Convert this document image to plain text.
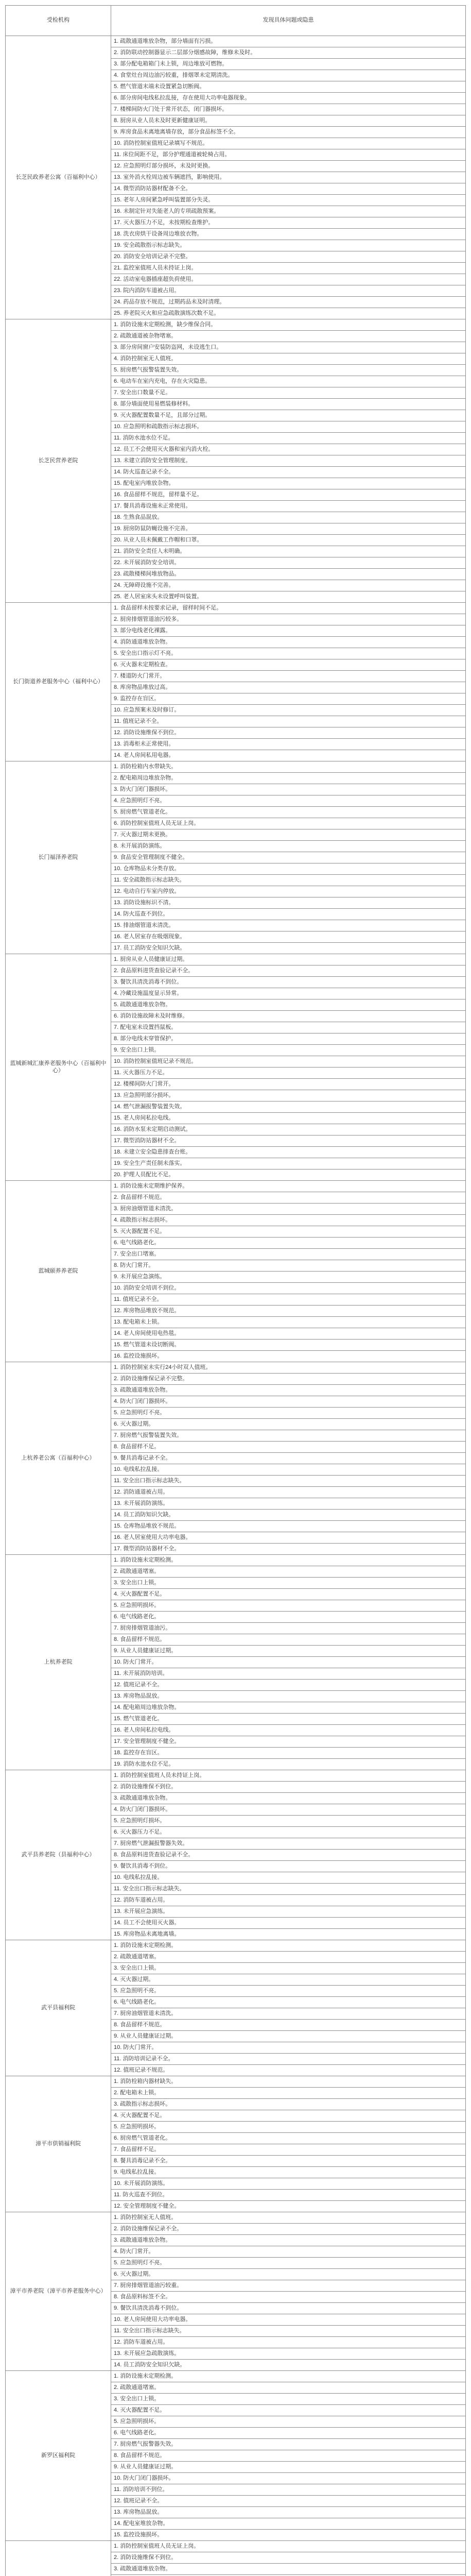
受检机构	发现具体问题或隐患
长芝民政养老公寓（百福利中心）	1. 疏散通道堆放杂物，部分墙面有污损。
	2. 消防联动控制器显示二层部分烟感故障，维修未及时。
	3. 部分配电箱箱门未上锁，周边堆放可燃物。
	4. 食堂灶台周边油污较重，排烟罩未定期清洗。
	5. 燃气管道末端未设置紧急切断阀。
	6. 部分房间电线私拉乱接，存在使用大功率电器现象。
	7. 楼梯间防火门处于常开状态，闭门器损坏。
	8. 厨房从业人员未及时更新健康证明。
	9. 库房食品未离地离墙存放，部分食品标签不全。
	10. 消防控制室值班记录填写不规范。
	11. 床位间距不足，部分护理通道被轮椅占用。
	12. 应急照明灯部分损坏，未及时更换。
	13. 室外消火栓周边被车辆遮挡，影响使用。
	14. 微型消防站器材配备不全。
	15. 老年人房间紧急呼叫装置部分失灵。
	16. 未制定针对失能老人的专项疏散预案。
	17. 灭火器压力不足，未按期检查维护。
	18. 洗衣房烘干设备周边堆放衣物。
	19. 安全疏散指示标志缺失。
	20. 消防安全培训记录不完整。
	21. 监控室值班人员未持证上岗。
	22. 活动室电器插座超负荷使用。
	23. 院内消防车道被占用。
	24. 药品存放不规范，过期药品未及时清理。
	25. 养老院灭火和应急疏散演练次数不足。
长芝民营养老院	1. 消防设施未定期检测，缺少维保合同。
	2. 疏散通道被杂物堵塞。
	3. 部分房间窗户安装防盗网，未设逃生口。
	4. 消防控制室无人值班。
	5. 厨房燃气报警装置失效。
	6. 电动车在室内充电，存在火灾隐患。
	7. 安全出口数量不足。
	8. 部分墙面使用易燃装修材料。
	9. 灭火器配置数量不足，且部分过期。
	10. 应急照明和疏散指示标志损坏。
	11. 消防水池水位不足。
	12. 员工不会使用灭火器和室内消火栓。
	13. 未建立消防安全管理制度。
	14. 防火巡查记录不全。
	15. 配电室内堆放杂物。
	16. 食品留样不规范，留样量不足。
	17. 餐具消毒设施未正常使用。
	18. 生熟食品混放。
	19. 厨房防鼠防蝇设施不完善。
	20. 从业人员未佩戴工作帽和口罩。
	21. 消防安全责任人未明确。
	22. 未开展消防安全培训。
	23. 疏散楼梯间堆放物品。
	24. 无障碍设施不完善。
	25. 老人居室床头未设置呼叫装置。
长门街道养老服务中心（福利中心）	1. 食品留样未按要求记录，留样时间不足。
	2. 厨房排烟管道油污较多。
	3. 部分电线老化裸露。
	4. 消防通道堆放杂物。
	5. 安全出口指示灯不亮。
	6. 灭火器未定期检查。
	7. 楼道防火门常开。
	8. 库房物品堆放过高。
	9. 监控存在盲区。
	10. 应急预案未及时修订。
	11. 值班记录不全。
	12. 消防设施维保不到位。
	13. 消毒柜未正常使用。
	14. 老人房间私用电器。
长门福泽养老院	1. 消防栓箱内水带缺失。
	2. 配电箱周边堆放杂物。
	3. 防火门闭门器损坏。
	4. 应急照明灯不亮。
	5. 厨房燃气管道老化。
	6. 消防控制室值班人员无证上岗。
	7. 灭火器过期未更换。
	8. 未开展消防演练。
	9. 食品安全管理制度不健全。
	10. 仓库物品未分类存放。
	11. 安全疏散指示标志缺失。
	12. 电动自行车室内停放。
	13. 消防设施标识不清。
	14. 防火巡查不到位。
	15. 排油烟管道未清洗。
	16. 老人居室存在吸烟现象。
	17. 员工消防安全知识欠缺。
蓝城新城汇康养老服务中心（百福利中心）	1. 厨房从业人员健康证过期。
	2. 食品原料进货查验记录不全。
	3. 餐饮具清洗消毒不到位。
	4. 冷藏设施温度显示异常。
	5. 疏散通道堆放杂物。
	6. 消防设施故障未及时维修。
	7. 配电室未设置挡鼠板。
	8. 部分电线未穿管保护。
	9. 安全出口上锁。
	10. 消防控制室值班记录不规范。
	11. 灭火器压力不足。
	12. 楼梯间防火门常开。
	13. 应急照明部分损坏。
	14. 燃气泄漏报警装置失效。
	15. 老人房间私拉电线。
	16. 消防水泵未定期启动测试。
	17. 微型消防站器材不全。
	18. 未建立安全隐患排查台账。
	19. 安全生产责任制未落实。
	20. 护理人员配比不足。
蓝城颐养养老院	1. 消防设施未定期维护保养。
	2. 食品留样不规范。
	3. 厨房油烟管道未清洗。
	4. 疏散指示标志损坏。
	5. 灭火器配置不足。
	6. 电气线路老化。
	7. 安全出口堵塞。
	8. 防火门常开。
	9. 未开展应急演练。
	10. 消防安全培训不到位。
	11. 值班记录不全。
	12. 库房物品堆放不规范。
	13. 配电箱未上锁。
	14. 老人房间使用电热毯。
	15. 燃气管道未设切断阀。
	16. 监控设施损坏。
上杭养老公寓（百福利中心）	1. 消防控制室未实行24小时双人值班。
	2. 消防设施维保记录不完整。
	3. 疏散通道堆放杂物。
	4. 防火门闭门器损坏。
	5. 应急照明灯不亮。
	6. 灭火器过期。
	7. 厨房燃气报警装置失效。
	8. 食品留样不足。
	9. 餐具消毒记录不全。
	10. 电线私拉乱接。
	11. 安全出口指示标志缺失。
	12. 消防通道被占用。
	13. 未开展消防演练。
	14. 员工消防知识欠缺。
	15. 仓库物品堆放不规范。
	16. 老人居室使用大功率电器。
	17. 微型消防站器材不全。
上杭养老院	1. 消防设施未定期检测。
	2. 疏散通道堵塞。
	3. 安全出口上锁。
	4. 灭火器配置不足。
	5. 应急照明损坏。
	6. 电气线路老化。
	7. 厨房排烟管道油污。
	8. 食品留样不规范。
	9. 从业人员健康证过期。
	10. 防火门常开。
	11. 未开展消防培训。
	12. 值班记录不全。
	13. 库房物品混放。
	14. 配电箱周边堆放杂物。
	15. 燃气管道老化。
	16. 老人房间私拉电线。
	17. 安全管理制度不健全。
	18. 监控存在盲区。
	19. 消防水池水位不足。
武平县养老院（县福利中心）	1. 消防控制室值班人员未持证上岗。
	2. 消防设施维保不到位。
	3. 疏散通道堆放杂物。
	4. 防火门闭门器损坏。
	5. 应急照明灯损坏。
	6. 灭火器压力不足。
	7. 厨房燃气泄漏报警器失效。
	8. 食品原料进货查验记录不全。
	9. 餐饮具消毒不到位。
	10. 电线私拉乱接。
	11. 安全出口指示标志缺失。
	12. 消防车道被占用。
	13. 未开展应急演练。
	14. 员工不会使用灭火器。
	15. 库房物品未离地离墙。
武平县福利院	1. 消防设施未定期检测。
	2. 疏散通道堵塞。
	3. 安全出口上锁。
	4. 灭火器过期。
	5. 应急照明不亮。
	6. 电气线路老化。
	7. 厨房油烟管道未清洗。
	8. 食品留样不规范。
	9. 从业人员健康证过期。
	10. 防火门常开。
	11. 消防培训记录不全。
	12. 值班记录不规范。
漳平市供销福利院	1. 消防栓箱内器材缺失。
	2. 配电箱未上锁。
	3. 疏散指示标志损坏。
	4. 灭火器配置不足。
	5. 应急照明损坏。
	6. 厨房燃气管道老化。
	7. 食品留样不足。
	8. 餐具消毒记录不全。
	9. 电线私拉乱接。
	10. 未开展消防演练。
	11. 防火巡查不到位。
	12. 安全管理制度不健全。
漳平市养老院（漳平市养老服务中心）	1. 消防控制室无人值班。
	2. 消防设施维保记录不全。
	3. 疏散通道堆放杂物。
	4. 防火门常开。
	5. 应急照明灯不亮。
	6. 灭火器过期。
	7. 厨房排烟管道油污较重。
	8. 食品原料标签不全。
	9. 餐饮具清洗消毒不到位。
	10. 老人房间使用大功率电器。
	11. 安全出口指示标志缺失。
	12. 消防车道被占用。
	13. 未开展应急疏散演练。
	14. 员工消防安全知识欠缺。
新罗区福利院	1. 消防设施未定期检测。
	2. 疏散通道堵塞。
	3. 安全出口上锁。
	4. 灭火器配置不足。
	5. 应急照明损坏。
	6. 电气线路老化。
	7. 厨房燃气报警器失效。
	8. 食品留样不规范。
	9. 从业人员健康证过期。
	10. 防火门闭门器损坏。
	11. 消防培训不到位。
	12. 值班记录不全。
	13. 库房物品混放。
	14. 配电室堆放杂物。
	15. 监控设施损坏。
	1. 消防控制室值班人员无证上岗。
	2. 消防设施维保不到位。
	3. 疏散通道堆放杂物。
